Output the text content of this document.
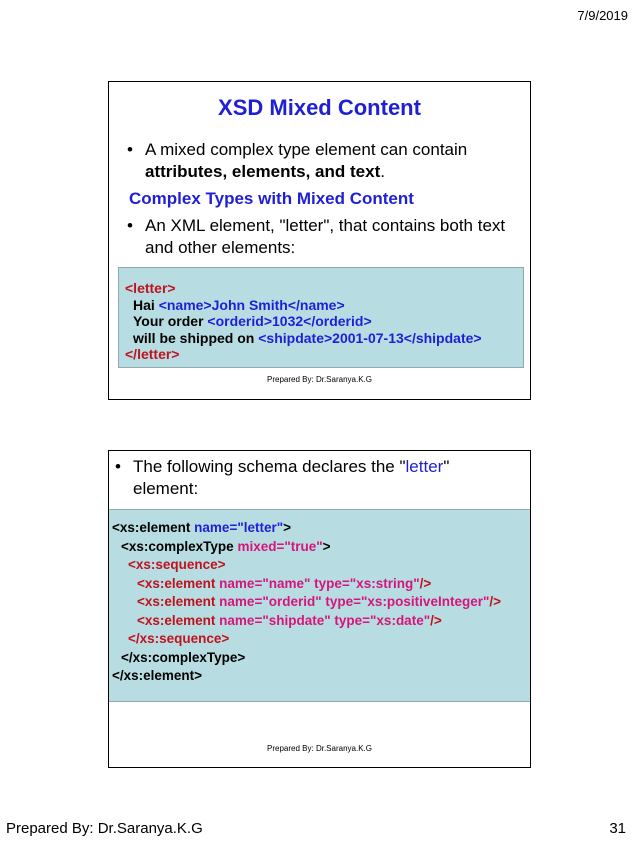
7/9/2019
XSD Mixed Content
• A mixed complex type element can contain attributes, elements, and text.
Complex Types with Mixed Content
• An XML element, "letter", that contains both text and other elements:
<letter>
Hai <name>John Smith</name>
Your order <orderid>1032</orderid>
will be shipped on <shipdate>2001-07-13</shipdate>
</letter>
Prepared By: Dr.Saranya.K.G
• The following schema declares the "letter" element:
<xs:element name="letter">
<xs:complexType mixed="true">
<xs:sequence>
<xs:element name="name" type="xs:string"/>
<xs:element name="orderid" type="xs:positiveInteger"/>
<xs:element name="shipdate" type="xs:date"/>
</xs:sequence>
</xs:complexType>
</xs:element>
Prepared By: Dr.Saranya.K.G
Prepared By: Dr.Saranya.K.G	31
